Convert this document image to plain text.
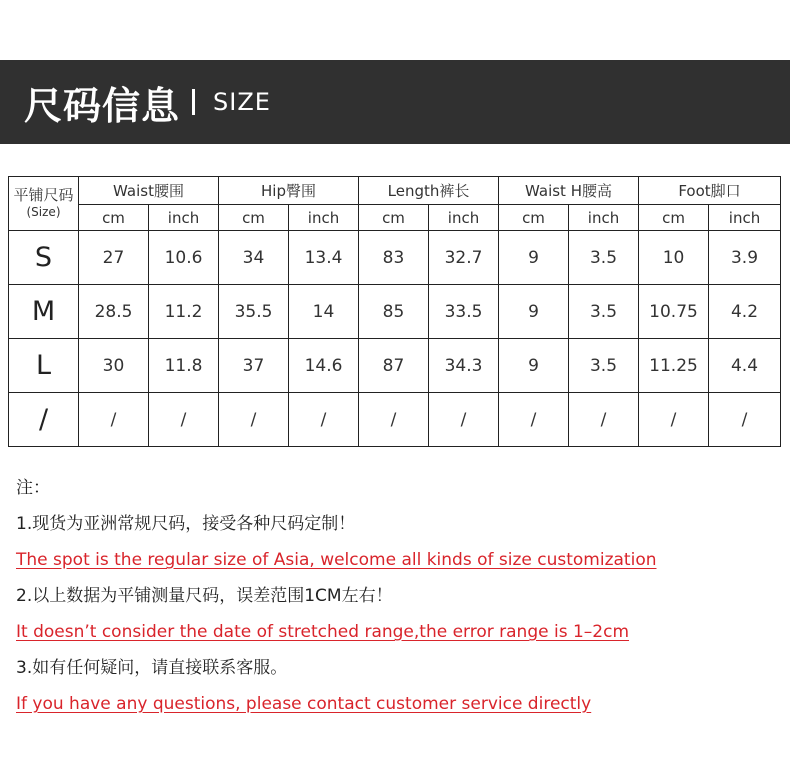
尺码信息 SIZE
平铺尺码
(Size)	Waist腰围		Hip臀围		Length裤长		Waist H腰高		Foot脚口	
	cm	inch	cm	inch	cm	inch	cm	inch	cm	inch
S	27	10.6	34	13.4	83	32.7	9	3.5	10	3.9
M	28.5	11.2	35.5	14	85	33.5	9	3.5	10.75	4.2
L	30	11.8	37	14.6	87	34.3	9	3.5	11.25	4.4
/	/	/	/	/	/	/	/	/	/	/
注：
1.现货为亚洲常规尺码，接受各种尺码定制！
The spot is the regular size of Asia, welcome all kinds of size customization
2.以上数据为平铺测量尺码，误差范围1CM左右！
It doesn’t consider the date of stretched range,the error range is 1–2cm
3.如有任何疑问，请直接联系客服。
If you have any questions, please contact customer service directly
